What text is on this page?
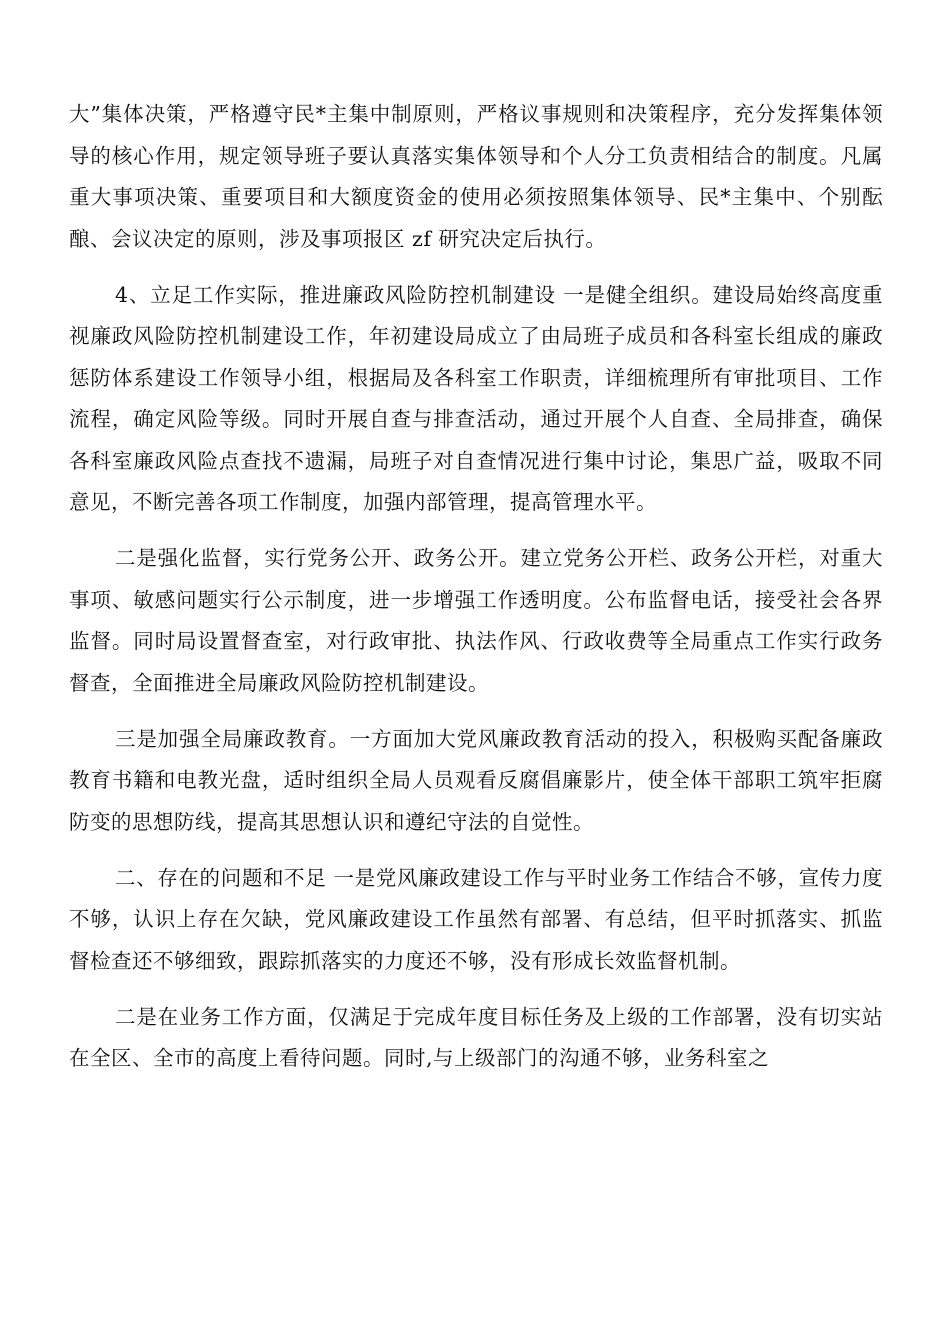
大”集体决策，严格遵守民*主集中制原则，严格议事规则和决策程序，充分发挥集体领导的核心作用，规定领导班子要认真落实集体领导和个人分工负责相结合的制度。凡属重大事项决策、重要项目和大额度资金的使用必须按照集体领导、民*主集中、个别酝酿、会议决定的原则，涉及事项报区 zf 研究决定后执行。

4、立足工作实际，推进廉政风险防控机制建设 一是健全组织。建设局始终高度重视廉政风险防控机制建设工作，年初建设局成立了由局班子成员和各科室长组成的廉政惩防体系建设工作领导小组，根据局及各科室工作职责，详细梳理所有审批项目、工作流程，确定风险等级。同时开展自查与排查活动，通过开展个人自查、全局排查，确保各科室廉政风险点查找不遗漏，局班子对自查情况进行集中讨论，集思广益，吸取不同意见，不断完善各项工作制度，加强内部管理，提高管理水平。

二是强化监督，实行党务公开、政务公开。建立党务公开栏、政务公开栏，对重大事项、敏感问题实行公示制度，进一步增强工作透明度。公布监督电话，接受社会各界监督。同时局设置督查室，对行政审批、执法作风、行政收费等全局重点工作实行政务督查，全面推进全局廉政风险防控机制建设。

三是加强全局廉政教育。一方面加大党风廉政教育活动的投入，积极购买配备廉政教育书籍和电教光盘，适时组织全局人员观看反腐倡廉影片，使全体干部职工筑牢拒腐防变的思想防线，提高其思想认识和遵纪守法的自觉性。

二、存在的问题和不足 一是党风廉政建设工作与平时业务工作结合不够，宣传力度不够，认识上存在欠缺，党风廉政建设工作虽然有部署、有总结，但平时抓落实、抓监督检查还不够细致，跟踪抓落实的力度还不够，没有形成长效监督机制。

二是在业务工作方面，仅满足于完成年度目标任务及上级的工作部署，没有切实站在全区、全市的高度上看待问题。同时,与上级部门的沟通不够，业务科室之
